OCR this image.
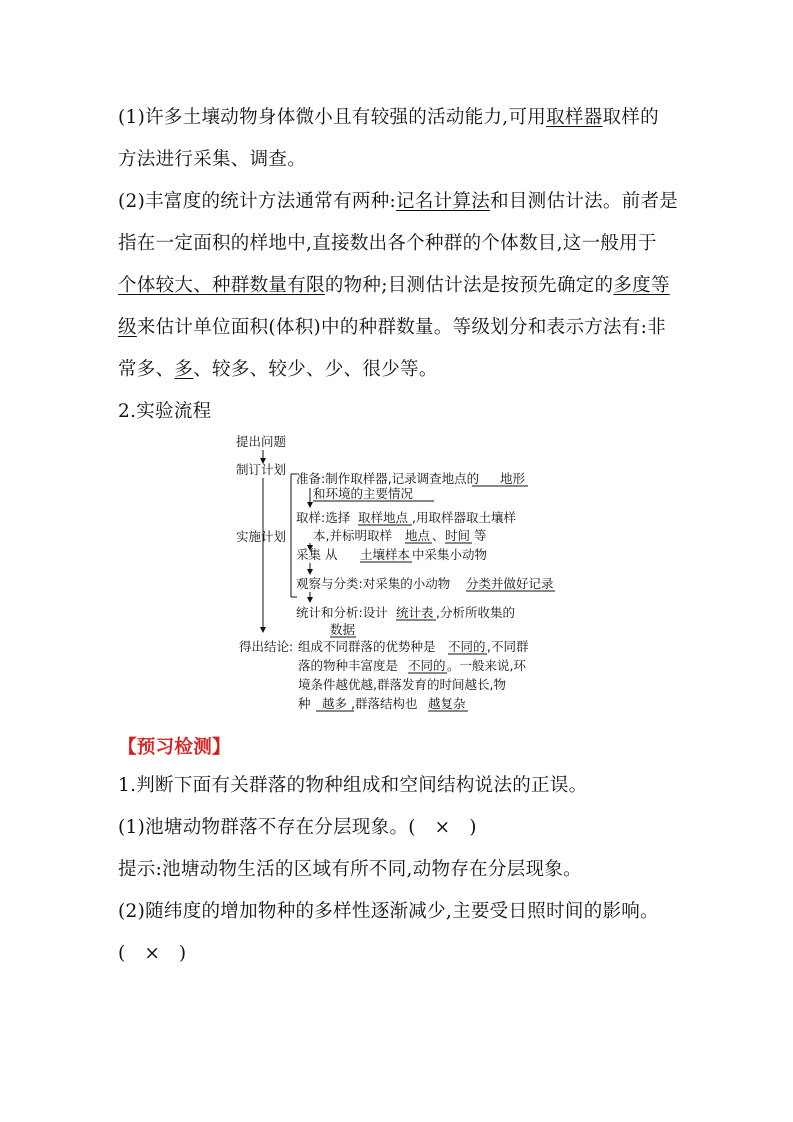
(1)许多土壤动物身体微小且有较强的活动能力,可用取样器取样的
方法进行采集、调查。
(2)丰富度的统计方法通常有两种:记名计算法和目测估计法。前者是
指在一定面积的样地中,直接数出各个种群的个体数目,这一般用于
个体较大、种群数量有限的物种;目测估计法是按预先确定的多度等
级来估计单位面积(体积)中的种群数量。等级划分和表示方法有:非
常多、多、较多、较少、少、很少等。
2.实验流程
提出问题
制订计划
实施计划
得出结论:
准备:制作取样器,记录调查地点的 地形
和环境的主要情况
取样:选择 取样地点 ,用取样器取土壤样
本,并标明取样 地点 、 时间 等
采集 从 土壤样本 中采集小动物
观察与分类:对采集的小动物 分类并做好记录
统计和分析:设计 统计表 ,分析所收集的
数据
组成不同群落的优势种是 不同的 ,不同群
落的物种丰富度是 不同的 。一般来说,环
境条件越优越,群落发育的时间越长,物
种 越多 ,群落结构也 越复杂
【预习检测】
1.判断下面有关群落的物种组成和空间结构说法的正误。
(1)池塘动物群落不存在分层现象。(　×　)
提示:池塘动物生活的区域有所不同,动物存在分层现象。
(2)随纬度的增加物种的多样性逐渐减少,主要受日照时间的影响。
(　×　)
